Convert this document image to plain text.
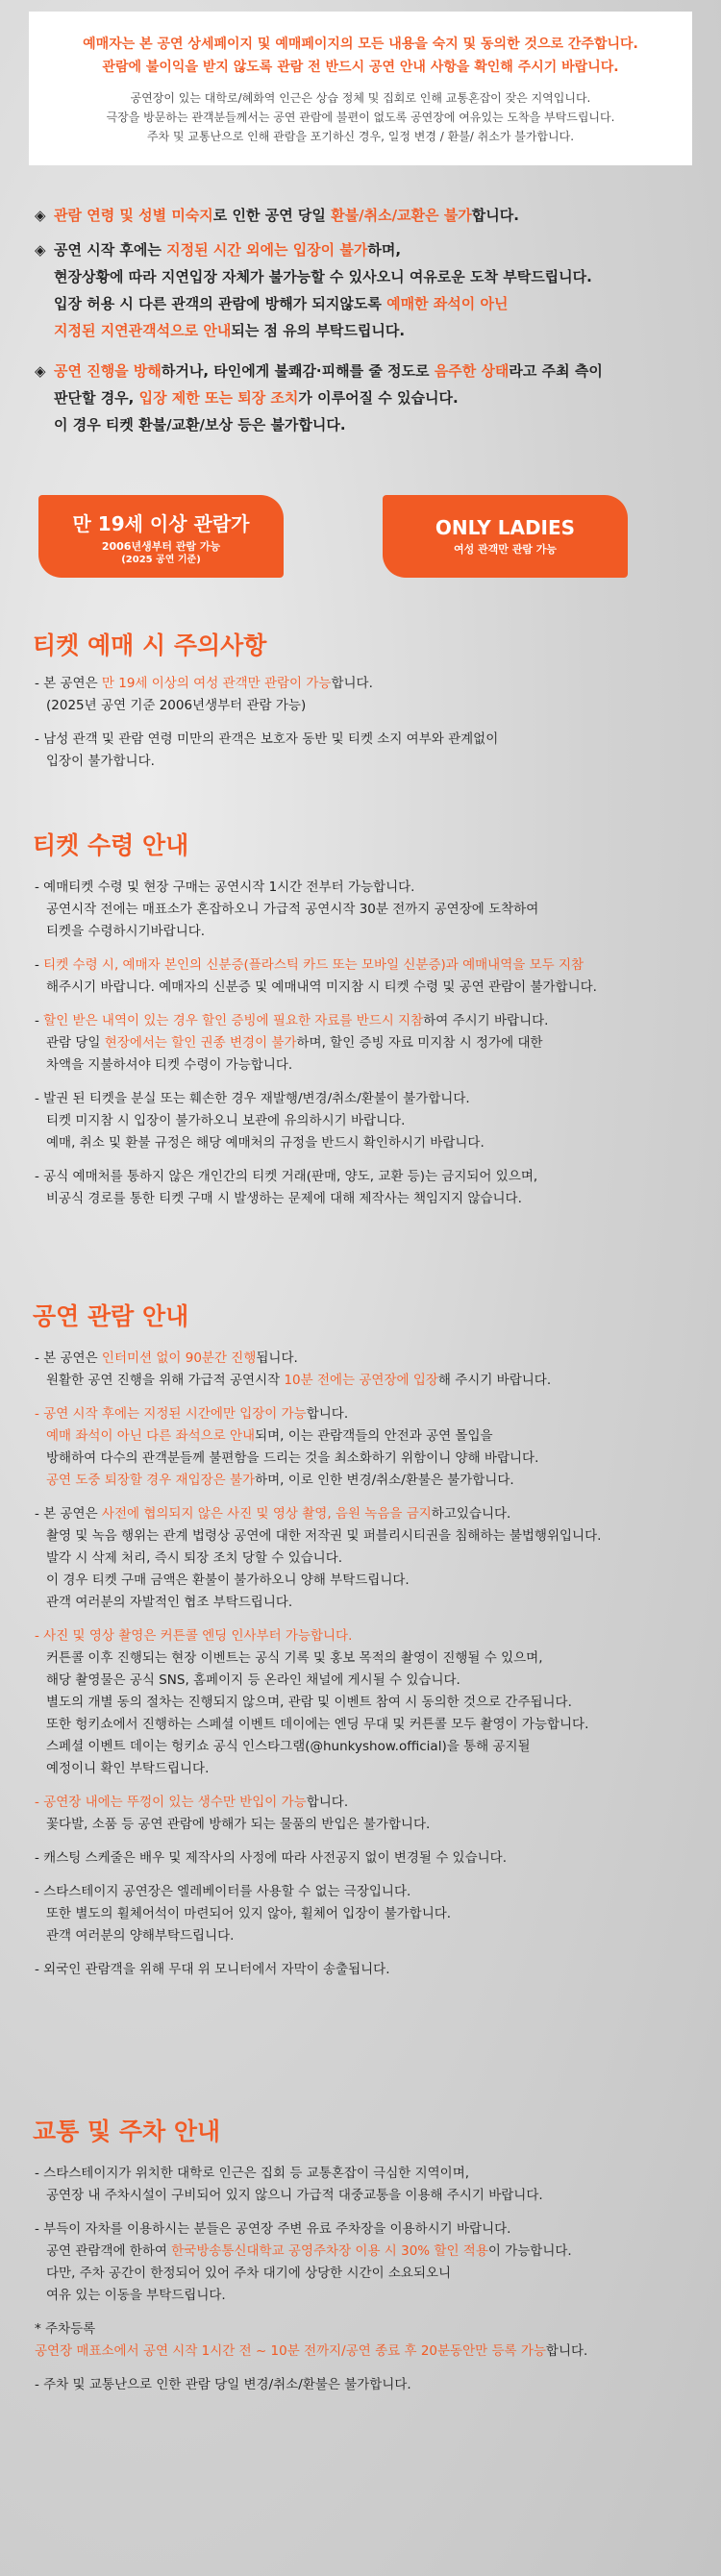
예매자는 본 공연 상세페이지 및 예매페이지의 모든 내용을 숙지 및 동의한 것으로 간주합니다.
관람에 불이익을 받지 않도록 관람 전 반드시 공연 안내 사항을 확인해 주시기 바랍니다.
공연장이 있는 대학로/혜화역 인근은 상습 정체 및 집회로 인해 교통혼잡이 잦은 지역입니다.
극장을 방문하는 관객분들께서는 공연 관람에 불편이 없도록 공연장에 여유있는 도착을 부탁드립니다.
주차 및 교통난으로 인해 관람을 포기하신 경우, 일정 변경 / 환불/ 취소가 불가합니다.
◈ 관람 연령 및 성별 미숙지로 인한 공연 당일 환불/취소/교환은 불가합니다.
◈ 공연 시작 후에는 지정된 시간 외에는 입장이 불가하며,
현장상황에 따라 지연입장 자체가 불가능할 수 있사오니 여유로운 도착 부탁드립니다.
입장 허용 시 다른 관객의 관람에 방해가 되지않도록 예매한 좌석이 아닌
지정된 지연관객석으로 안내되는 점 유의 부탁드립니다.
◈ 공연 진행을 방해하거나, 타인에게 불쾌감·피해를 줄 정도로 음주한 상태라고 주최 측이
판단할 경우, 입장 제한 또는 퇴장 조치가 이루어질 수 있습니다.
이 경우 티켓 환불/교환/보상 등은 불가합니다.
만 19세 이상 관람가
2006년생부터 관람 가능
(2025 공연 기준)
ONLY LADIES
여성 관객만 관람 가능
티켓 예매 시 주의사항
- 본 공연은 만 19세 이상의 여성 관객만 관람이 가능합니다.
(2025년 공연 기준 2006년생부터 관람 가능)
- 남성 관객 및 관람 연령 미만의 관객은 보호자 동반 및 티켓 소지 여부와 관계없이
입장이 불가합니다.
티켓 수령 안내
- 예매티켓 수령 및 현장 구매는 공연시작 1시간 전부터 가능합니다.
공연시작 전에는 매표소가 혼잡하오니 가급적 공연시작 30분 전까지 공연장에 도착하여
티켓을 수령하시기바랍니다.
- 티켓 수령 시, 예매자 본인의 신분증(플라스틱 카드 또는 모바일 신분증)과 예매내역을 모두 지참
해주시기 바랍니다. 예매자의 신분증 및 예매내역 미지참 시 티켓 수령 및 공연 관람이 불가합니다.
- 할인 받은 내역이 있는 경우 할인 증빙에 필요한 자료를 반드시 지참하여 주시기 바랍니다.
관람 당일 현장에서는 할인 권종 변경이 불가하며, 할인 증빙 자료 미지참 시 정가에 대한
차액을 지불하셔야 티켓 수령이 가능합니다.
- 발권 된 티켓을 분실 또는 훼손한 경우 재발행/변경/취소/환불이 불가합니다.
티켓 미지참 시 입장이 불가하오니 보관에 유의하시기 바랍니다.
예매, 취소 및 환불 규정은 해당 예매처의 규정을 반드시 확인하시기 바랍니다.
- 공식 예매처를 통하지 않은 개인간의 티켓 거래(판매, 양도, 교환 등)는 금지되어 있으며,
비공식 경로를 통한 티켓 구매 시 발생하는 문제에 대해 제작사는 책임지지 않습니다.
공연 관람 안내
- 본 공연은 인터미션 없이 90분간 진행됩니다.
원활한 공연 진행을 위해 가급적 공연시작 10분 전에는 공연장에 입장해 주시기 바랍니다.
- 공연 시작 후에는 지정된 시간에만 입장이 가능합니다.
예매 좌석이 아닌 다른 좌석으로 안내되며, 이는 관람객들의 안전과 공연 몰입을
방해하여 다수의 관객분들께 불편함을 드리는 것을 최소화하기 위함이니 양해 바랍니다.
공연 도중 퇴장할 경우 재입장은 불가하며, 이로 인한 변경/취소/환불은 불가합니다.
- 본 공연은 사전에 협의되지 않은 사진 및 영상 촬영, 음원 녹음을 금지하고있습니다.
촬영 및 녹음 행위는 관계 법령상 공연에 대한 저작권 및 퍼블리시티권을 침해하는 불법행위입니다.
발각 시 삭제 처리, 즉시 퇴장 조치 당할 수 있습니다.
이 경우 티켓 구매 금액은 환불이 불가하오니 양해 부탁드립니다.
관객 여러분의 자발적인 협조 부탁드립니다.
- 사진 및 영상 촬영은 커튼콜 엔딩 인사부터 가능합니다.
커튼콜 이후 진행되는 현장 이벤트는 공식 기록 및 홍보 목적의 촬영이 진행될 수 있으며,
해당 촬영물은 공식 SNS, 홈페이지 등 온라인 채널에 게시될 수 있습니다.
별도의 개별 동의 절차는 진행되지 않으며, 관람 및 이벤트 참여 시 동의한 것으로 간주됩니다.
또한 헝키쇼에서 진행하는 스페셜 이벤트 데이에는 엔딩 무대 및 커튼콜 모두 촬영이 가능합니다.
스페셜 이벤트 데이는 헝키쇼 공식 인스타그램(@hunkyshow.official)을 통해 공지될
예정이니 확인 부탁드립니다.
- 공연장 내에는 뚜껑이 있는 생수만 반입이 가능합니다.
꽃다발, 소품 등 공연 관람에 방해가 되는 물품의 반입은 불가합니다.
- 캐스팅 스케줄은 배우 및 제작사의 사정에 따라 사전공지 없이 변경될 수 있습니다.
- 스타스테이지 공연장은 엘레베이터를 사용할 수 없는 극장입니다.
또한 별도의 휠체어석이 마련되어 있지 않아, 휠체어 입장이 불가합니다.
관객 여러분의 양해부탁드립니다.
- 외국인 관람객을 위해 무대 위 모니터에서 자막이 송출됩니다.
교통 및 주차 안내
- 스타스테이지가 위치한 대학로 인근은 집회 등 교통혼잡이 극심한 지역이며,
공연장 내 주차시설이 구비되어 있지 않으니 가급적 대중교통을 이용해 주시기 바랍니다.
- 부득이 자차를 이용하시는 분들은 공연장 주변 유료 주차장을 이용하시기 바랍니다.
공연 관람객에 한하여 한국방송통신대학교 공영주차장 이용 시 30% 할인 적용이 가능합니다.
다만, 주차 공간이 한정되어 있어 주차 대기에 상당한 시간이 소요되오니
여유 있는 이동을 부탁드립니다.
* 주차등록
공연장 매표소에서 공연 시작 1시간 전 ~ 10분 전까지/공연 종료 후 20분동안만 등록 가능합니다.
- 주차 및 교통난으로 인한 관람 당일 변경/취소/환불은 불가합니다.
